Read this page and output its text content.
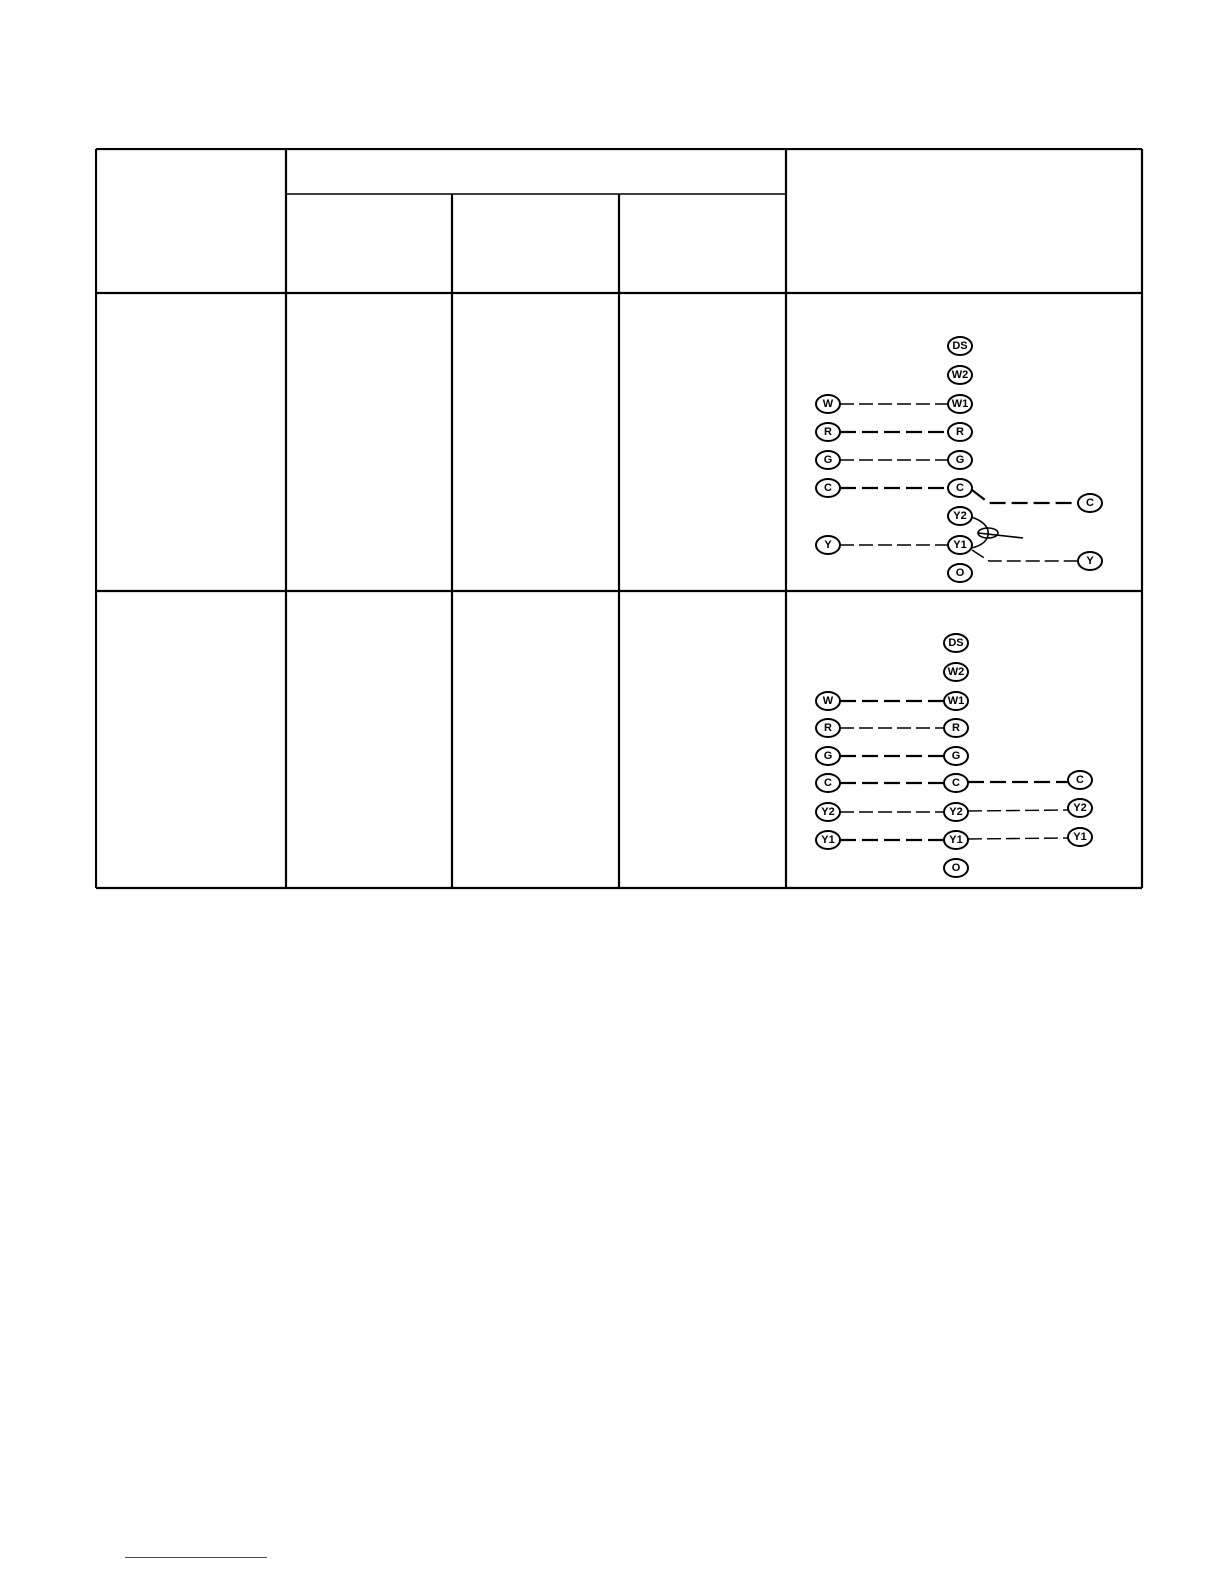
W
R
G
C
Y
DS
W2
W1
R
G
C
Y2
Y1
O
C
Y
W
R
G
C
Y2
Y1
DS
W2
W1
R
G
C
Y2
Y1
O
C
Y2
Y1
